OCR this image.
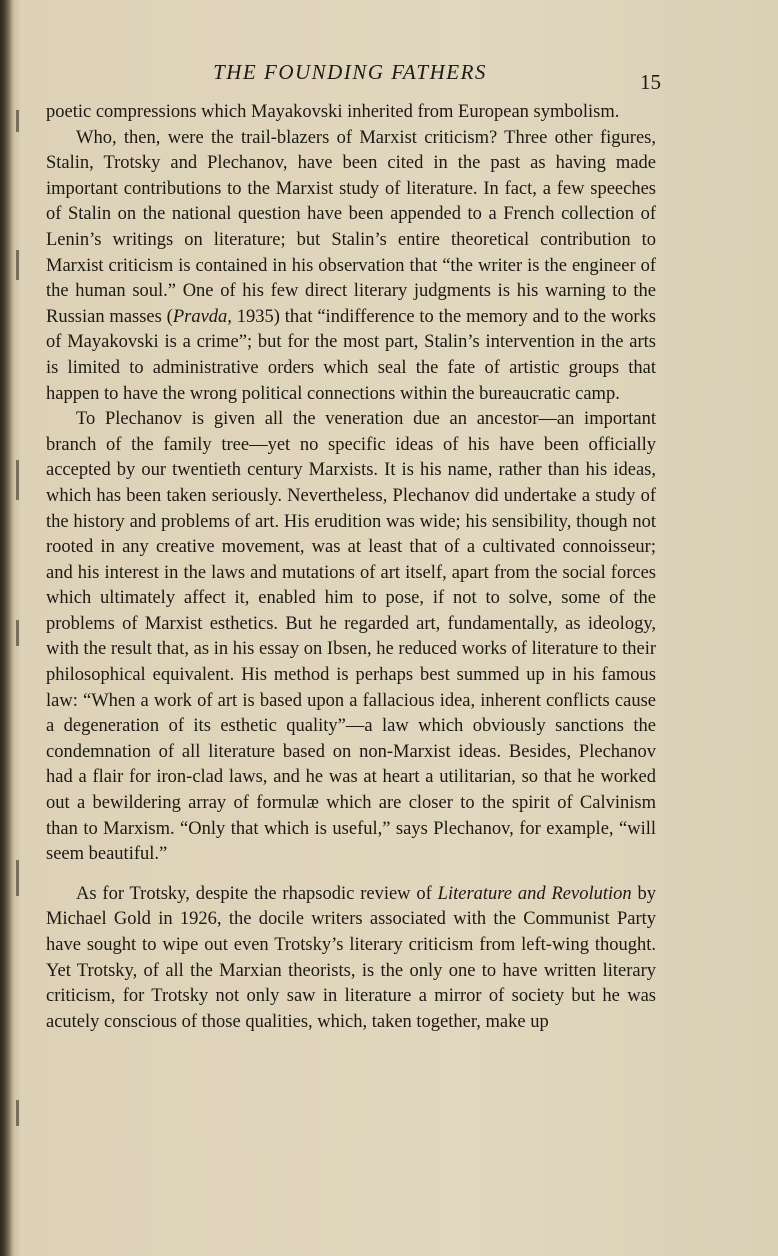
THE FOUNDING FATHERS	15

poetic compressions which Mayakovski inherited from European symbolism.

Who, then, were the trail-blazers of Marxist criticism? Three other figures, Stalin, Trotsky and Plechanov, have been cited in the past as having made important contributions to the Marxist study of literature. In fact, a few speeches of Stalin on the national question have been appended to a French collection of Lenin’s writings on literature; but Stalin’s entire theoretical contribution to Marxist criticism is contained in his observation that “the writer is the engineer of the human soul.” One of his few direct literary judgments is his warning to the Russian masses (Pravda, 1935) that “indifference to the memory and to the works of Mayakovski is a crime”; but for the most part, Stalin’s intervention in the arts is limited to administrative orders which seal the fate of artistic groups that happen to have the wrong political connections within the bureaucratic camp.

To Plechanov is given all the veneration due an ancestor—an important branch of the family tree—yet no specific ideas of his have been officially accepted by our twentieth century Marxists. It is his name, rather than his ideas, which has been taken seriously. Nevertheless, Plechanov did undertake a study of the history and problems of art. His erudition was wide; his sensibility, though not rooted in any creative movement, was at least that of a cultivated connoisseur; and his interest in the laws and mutations of art itself, apart from the social forces which ultimately affect it, enabled him to pose, if not to solve, some of the problems of Marxist esthetics. But he regarded art, fundamentally, as ideology, with the result that, as in his essay on Ibsen, he reduced works of literature to their philosophical equivalent. His method is perhaps best summed up in his famous law: “When a work of art is based upon a fallacious idea, inherent conflicts cause a degeneration of its esthetic quality”—a law which obviously sanctions the condemnation of all literature based on non-Marxist ideas. Besides, Plechanov had a flair for iron-clad laws, and he was at heart a utilitarian, so that he worked out a bewildering array of formulæ which are closer to the spirit of Calvinism than to Marxism. “Only that which is useful,” says Plechanov, for example, “will seem beautiful.”

As for Trotsky, despite the rhapsodic review of Literature and Revolution by Michael Gold in 1926, the docile writers associated with the Communist Party have sought to wipe out even Trotsky’s literary criticism from left-wing thought. Yet Trotsky, of all the Marxian theorists, is the only one to have written literary criticism, for Trotsky not only saw in literature a mirror of society but he was acutely conscious of those qualities, which, taken together, make up
